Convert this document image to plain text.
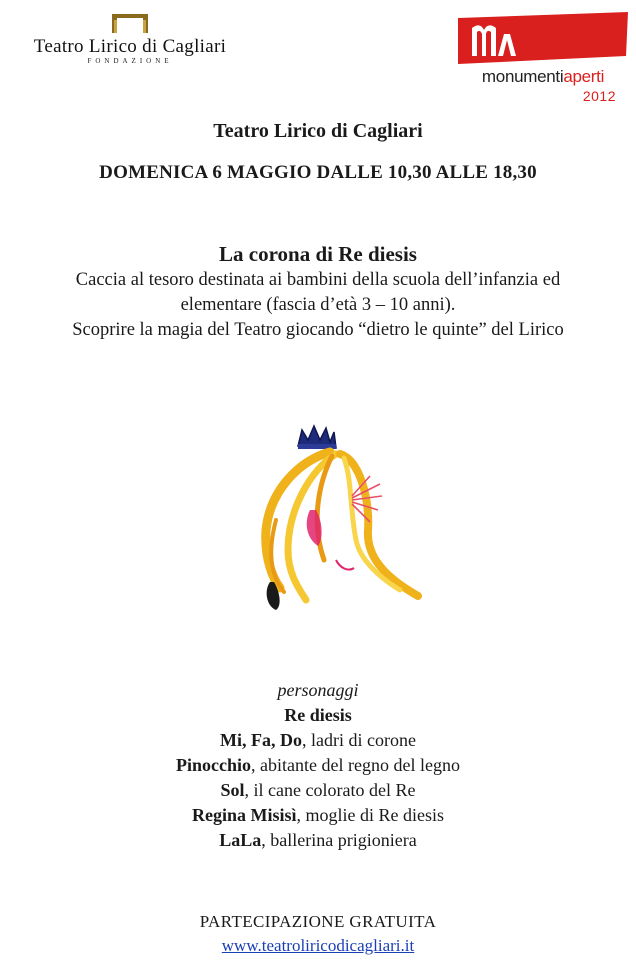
Teatro Lirico di Cagliari
FONDAZIONE
monumentiaperti
2012
Teatro Lirico di Cagliari
DOMENICA 6 MAGGIO DALLE 10,30 ALLE 18,30
La corona di Re diesis
Caccia al tesoro destinata ai bambini della scuola dell’infanzia ed
elementare (fascia d’età 3 – 10 anni).
Scoprire la magia del Teatro giocando “dietro le quinte” del Lirico
personaggi
Re diesis
Mi, Fa, Do, ladri di corone
Pinocchio, abitante del regno del legno
Sol, il cane colorato del Re
Regina Misisì, moglie di Re diesis
LaLa, ballerina prigioniera
PARTECIPAZIONE GRATUITA
www.teatroliricodicagliari.it
